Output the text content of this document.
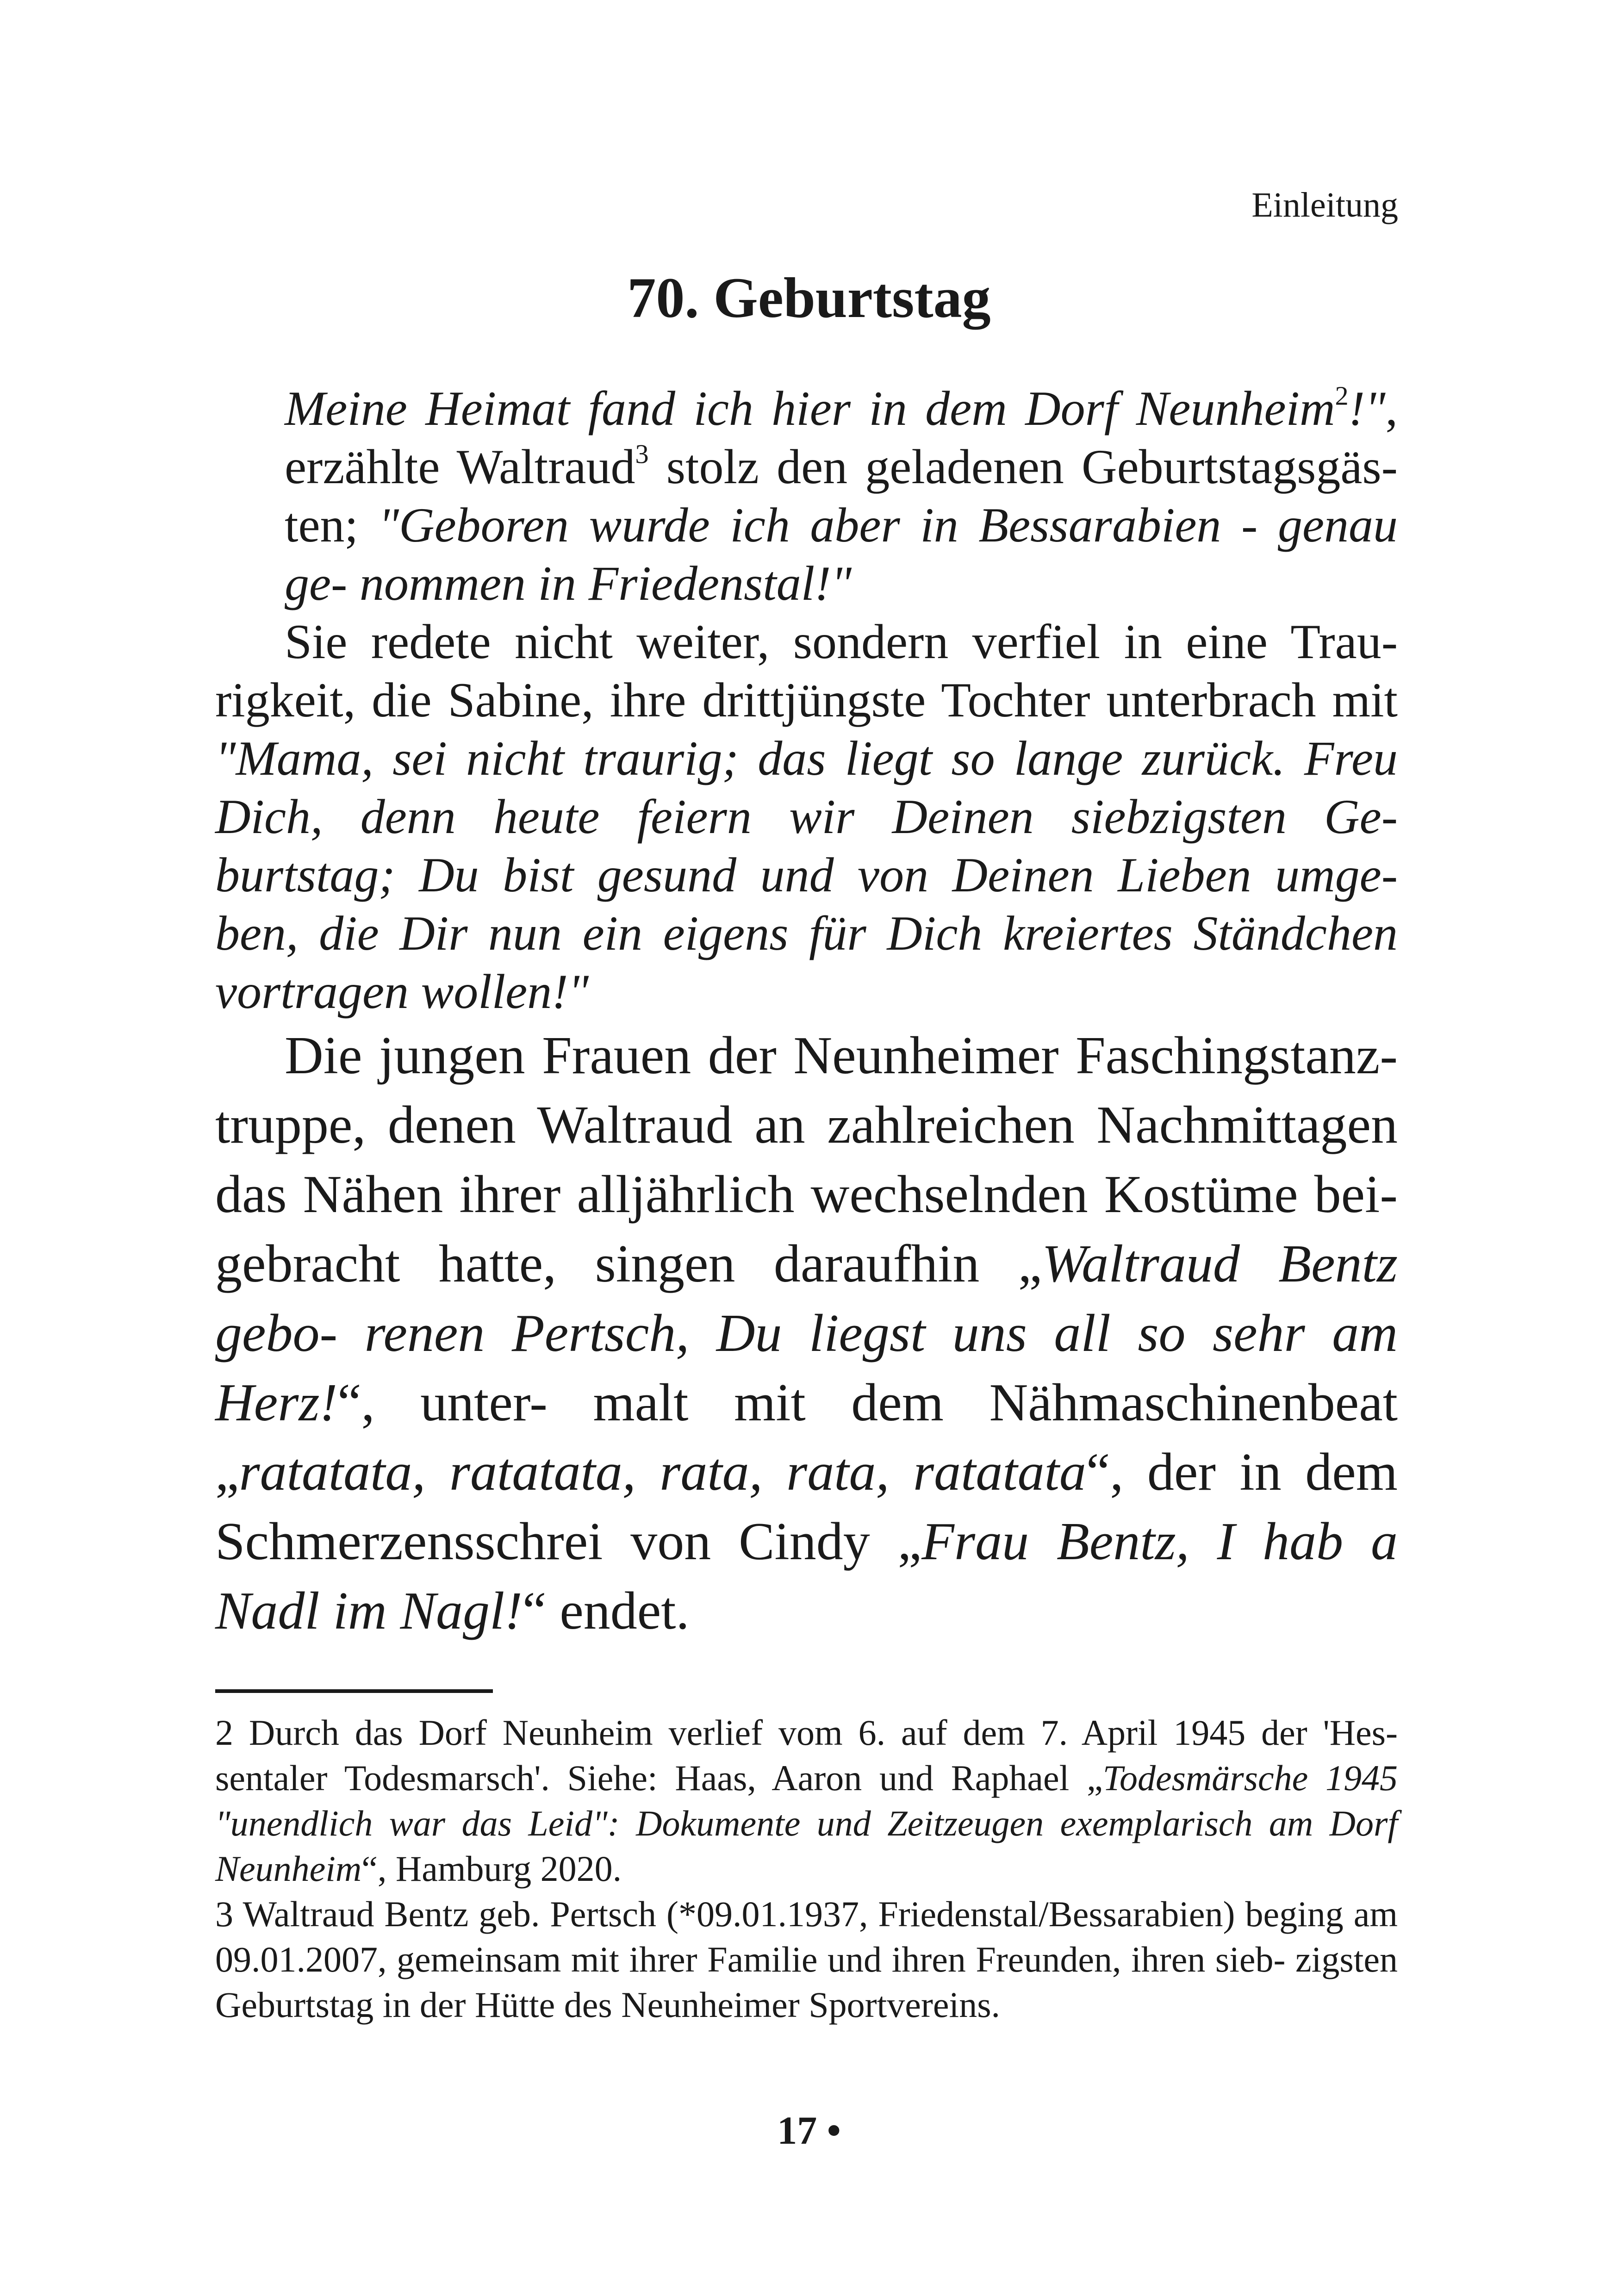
Einleitung
70. Geburtstag

Meine Heimat fand ich hier in dem Dorf Neunheim$^2$!", erzählte Waltraud$^3$ stolz den geladenen Geburtstagsgäs- ten; "Geboren wurde ich aber in Bessarabien - genau ge- nommen in Friedenstal!"

Sie redete nicht weiter, sondern verfiel in eine Trau- rigkeit, die Sabine, ihre drittjüngste Tochter unterbrach mit "Mama, sei nicht traurig; das liegt so lange zurück. Freu Dich, denn heute feiern wir Deinen siebzigsten Ge- burtstag; Du bist gesund und von Deinen Lieben umge- ben, die Dir nun ein eigens für Dich kreiertes Ständchen vortragen wollen!"

Die jungen Frauen der Neunheimer Faschingstanz- truppe, denen Waltraud an zahlreichen Nachmittagen das Nähen ihrer alljährlich wechselnden Kostüme bei- gebracht hatte, singen daraufhin „Waltraud Bentz gebo- renen Pertsch, Du liegst uns all so sehr am Herz!“, unter- malt mit dem Nähmaschinenbeat „ratatata, ratatata, rata, rata, ratatata“, der in dem Schmerzensschrei von Cindy „Frau Bentz, I hab a Nadl im Nagl!“ endet.

2 Durch das Dorf Neunheim verlief vom 6. auf dem 7. April 1945 der 'Hes- sentaler Todesmarsch'. Siehe: Haas, Aaron und Raphael „Todesmärsche 1945 "unendlich war das Leid": Dokumente und Zeitzeugen exemplarisch am Dorf Neunheim“, Hamburg 2020.

3 Waltraud Bentz geb. Pertsch (*09.01.1937, Friedenstal/Bessarabien) beging am 09.01.2007, gemeinsam mit ihrer Familie und ihren Freunden, ihren sieb- zigsten Geburtstag in der Hütte des Neunheimer Sportvereins.

17 •
